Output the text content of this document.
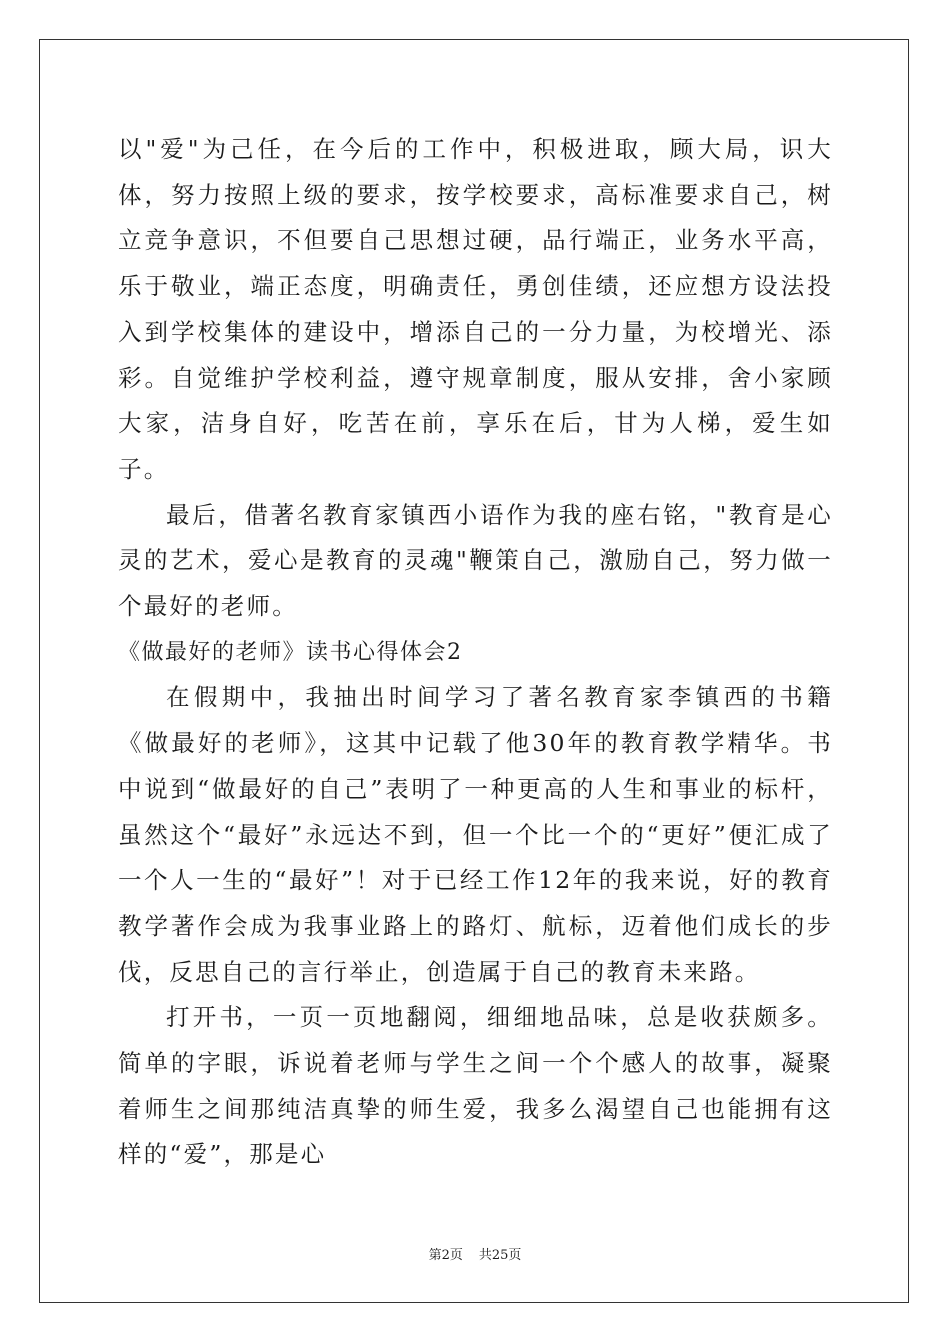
以"爱"为己任，在今后的工作中，积极进取，顾大局，识大体，努力按照上级的要求，按学校要求，高标准要求自己，树立竞争意识，不但要自己思想过硬，品行端正，业务水平高，乐于敬业，端正态度，明确责任，勇创佳绩，还应想方设法投入到学校集体的建设中，增添自己的一分力量，为校增光、添彩。自觉维护学校利益，遵守规章制度，服从安排，舍小家顾大家，洁身自好，吃苦在前，享乐在后，甘为人梯，爱生如子。

最后，借著名教育家镇西小语作为我的座右铭，"教育是心灵的艺术，爱心是教育的灵魂"鞭策自己，激励自己，努力做一个最好的老师。

《做最好的老师》读书心得体会2

在假期中，我抽出时间学习了著名教育家李镇西的书籍《做最好的老师》，这其中记载了他30年的教育教学精华。书中说到“做最好的自己”表明了一种更高的人生和事业的标杆，虽然这个“最好”永远达不到，但一个比一个的“更好”便汇成了一个人一生的“最好”！对于已经工作12年的我来说，好的教育教学著作会成为我事业路上的路灯、航标，迈着他们成长的步伐，反思自己的言行举止，创造属于自己的教育未来路。

打开书，一页一页地翻阅，细细地品味，总是收获颇多。简单的字眼，诉说着老师与学生之间一个个感人的故事，凝聚着师生之间那纯洁真挚的师生爱，我多么渴望自己也能拥有这样的“爱”，那是心

第2页 共25页
